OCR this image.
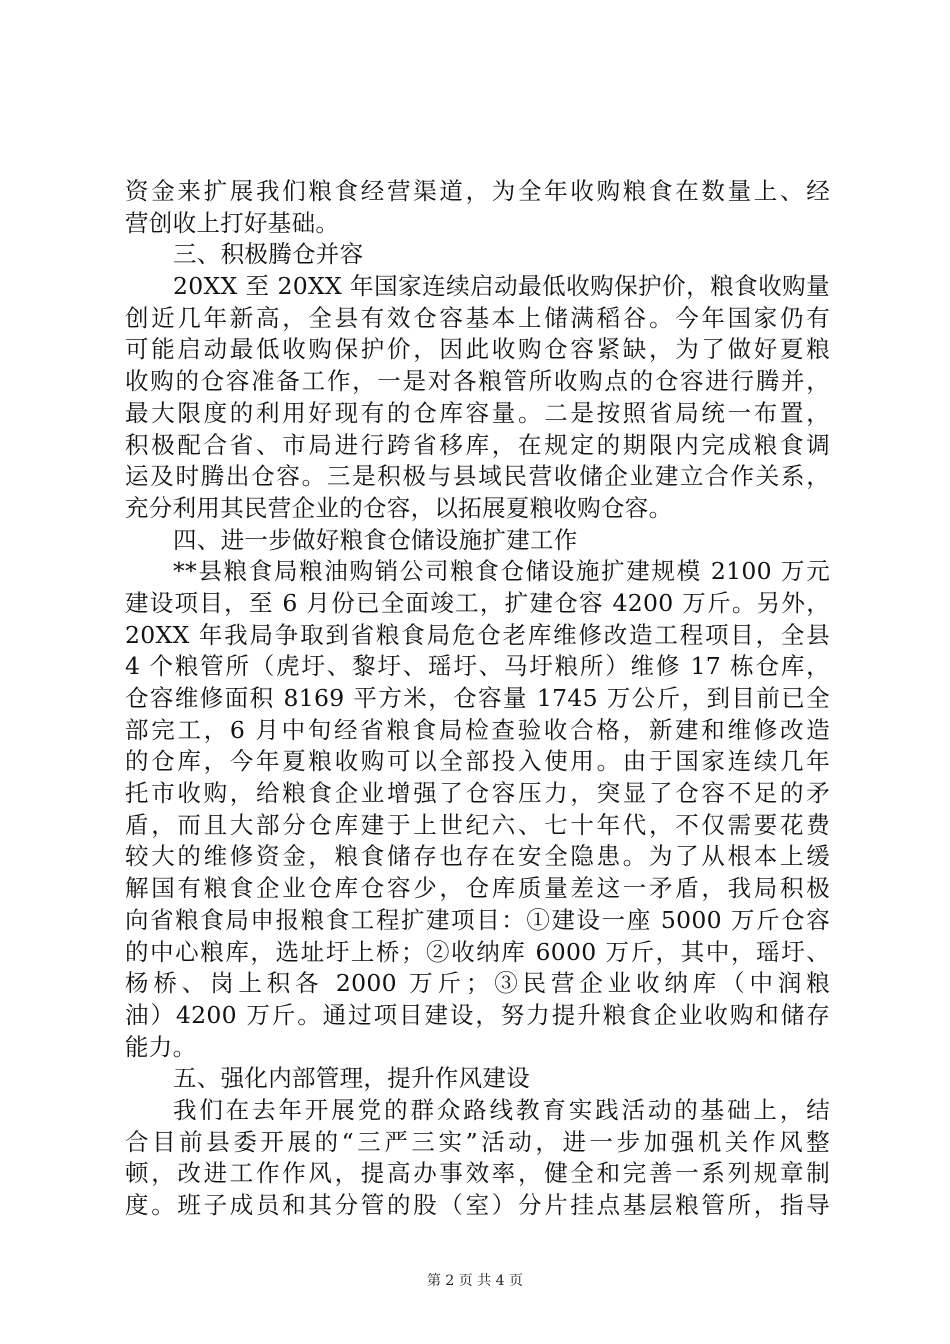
资金来扩展我们粮食经营渠道，为全年收购粮食在数量上、经
营创收上打好基础。
三、积极腾仓并容
20XX 至 20XX 年国家连续启动最低收购保护价，粮食收购量
创近几年新高，全县有效仓容基本上储满稻谷。今年国家仍有
可能启动最低收购保护价，因此收购仓容紧缺，为了做好夏粮
收购的仓容准备工作，一是对各粮管所收购点的仓容进行腾并，
最大限度的利用好现有的仓库容量。二是按照省局统一布置，
积极配合省、市局进行跨省移库，在规定的期限内完成粮食调
运及时腾出仓容。三是积极与县域民营收储企业建立合作关系，
充分利用其民营企业的仓容，以拓展夏粮收购仓容。
四、进一步做好粮食仓储设施扩建工作
**县粮食局粮油购销公司粮食仓储设施扩建规模 2100 万元
建设项目，至 6 月份已全面竣工，扩建仓容 4200 万斤。另外，
20XX 年我局争取到省粮食局危仓老库维修改造工程项目，全县
4 个粮管所（虎圩、黎圩、瑶圩、马圩粮所）维修 17 栋仓库，
仓容维修面积 8169 平方米，仓容量 1745 万公斤，到目前已全
部完工，6 月中旬经省粮食局检查验收合格，新建和维修改造
的仓库，今年夏粮收购可以全部投入使用。由于国家连续几年
托市收购，给粮食企业增强了仓容压力，突显了仓容不足的矛
盾，而且大部分仓库建于上世纪六、七十年代，不仅需要花费
较大的维修资金，粮食储存也存在安全隐患。为了从根本上缓
解国有粮食企业仓库仓容少，仓库质量差这一矛盾，我局积极
向省粮食局申报粮食工程扩建项目：①建设一座 5000 万斤仓容
的中心粮库，选址圩上桥；②收纳库 6000 万斤，其中，瑶圩、
杨桥、岗上积各 2000 万斤；③民营企业收纳库（中润粮
油）4200 万斤。通过项目建设，努力提升粮食企业收购和储存
能力。
五、强化内部管理，提升作风建设
我们在去年开展党的群众路线教育实践活动的基础上，结
合目前县委开展的“三严三实”活动，进一步加强机关作风整
顿，改进工作作风，提高办事效率，健全和完善一系列规章制
度。班子成员和其分管的股（室）分片挂点基层粮管所，指导
第 2 页 共 4 页
